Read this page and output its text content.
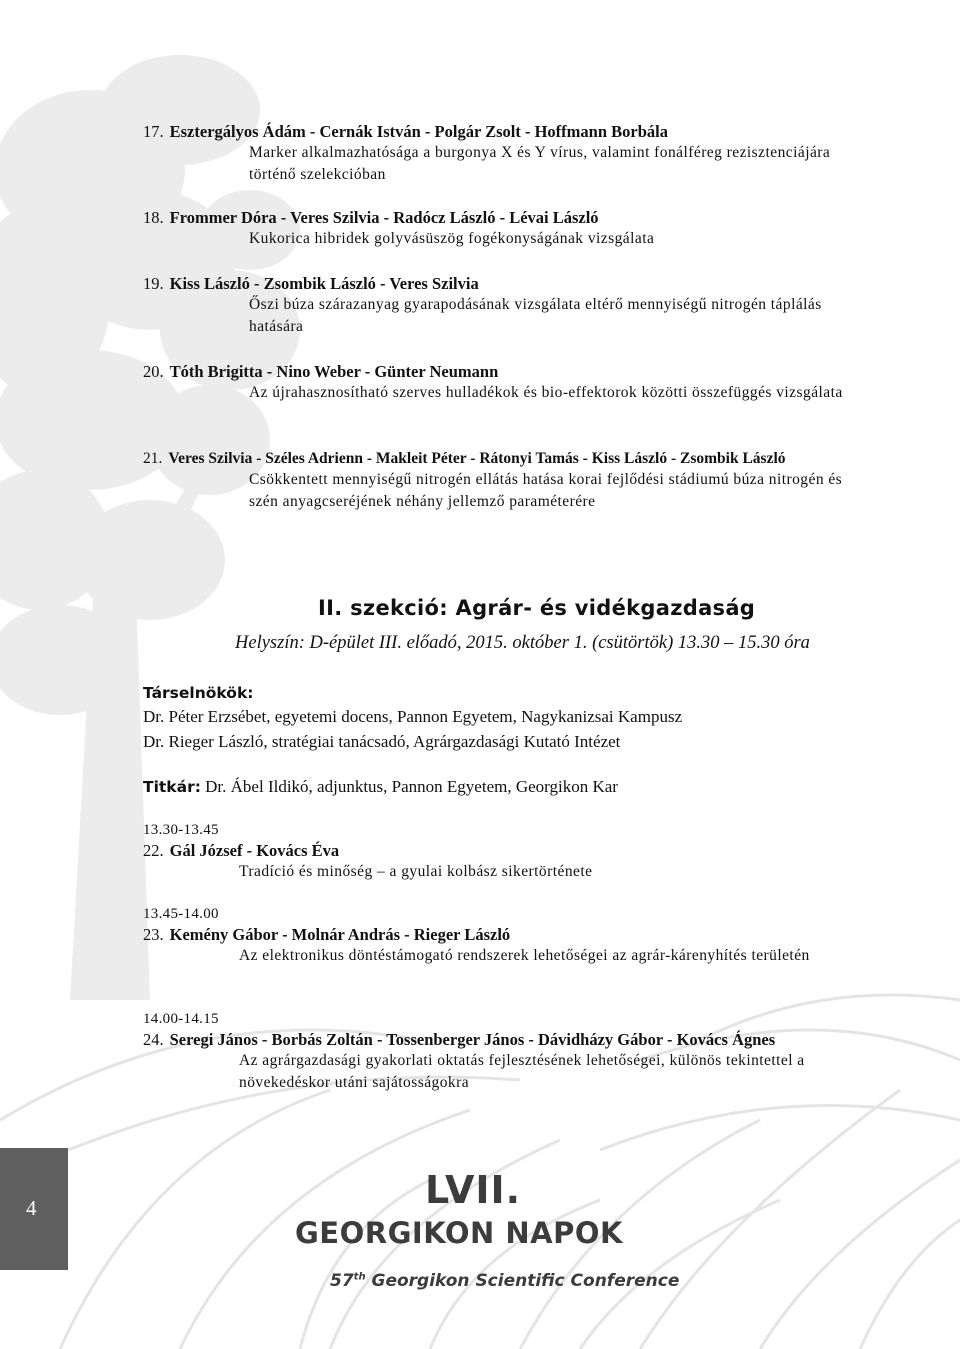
17. Esztergályos Ádám - Cernák István - Polgár Zsolt - Hoffmann Borbála
Marker alkalmazhatósága a burgonya X és Y vírus, valamint fonálféreg rezisztenciájára történő szelekcióban
18. Frommer Dóra - Veres Szilvia - Radócz László - Lévai László
Kukorica hibridek golyvásüszög fogékonyságának vizsgálata
19. Kiss László - Zsombik László - Veres Szilvia
Őszi búza szárazanyag gyarapodásának vizsgálata eltérő mennyiségű nitrogén táplálás hatására
20. Tóth Brigitta - Nino Weber - Günter Neumann
Az újrahasznosítható szerves hulladékok és bio-effektorok közötti összefüggés vizsgálata
21. Veres Szilvia - Széles Adrienn - Makleit Péter - Rátonyi Tamás - Kiss László - Zsombik László
Csökkentett mennyiségű nitrogén ellátás hatása korai fejlődési stádiumú búza nitrogén és szén anyagcseréjének néhány jellemző paraméterére
II. szekció: Agrár- és vidékgazdaság
Helyszín: D-épület III. előadó, 2015. október 1. (csütörtök) 13.30 – 15.30 óra
Társelnökök:
Dr. Péter Erzsébet, egyetemi docens, Pannon Egyetem, Nagykanizsai Kampusz
Dr. Rieger László, stratégiai tanácsadó, Agrárgazdasági Kutató Intézet
Titkár: Dr. Ábel Ildikó, adjunktus, Pannon Egyetem, Georgikon Kar
13.30-13.45
22. Gál József - Kovács Éva
Tradíció és minőség – a gyulai kolbász sikertörténete
13.45-14.00
23. Kemény Gábor - Molnár András - Rieger László
Az elektronikus döntéstámogató rendszerek lehetőségei az agrár-kárenyhítés területén
14.00-14.15
24. Seregi János - Borbás Zoltán - Tossenberger János - Dávidházy Gábor - Kovács Ágnes
Az agrárgazdasági gyakorlati oktatás fejlesztésének lehetőségei, különös tekintettel a növekedéskor utáni sajátosságokra
4	LVII.
GEORGIKON NAPOK
57th Georgikon Scientific Conference
